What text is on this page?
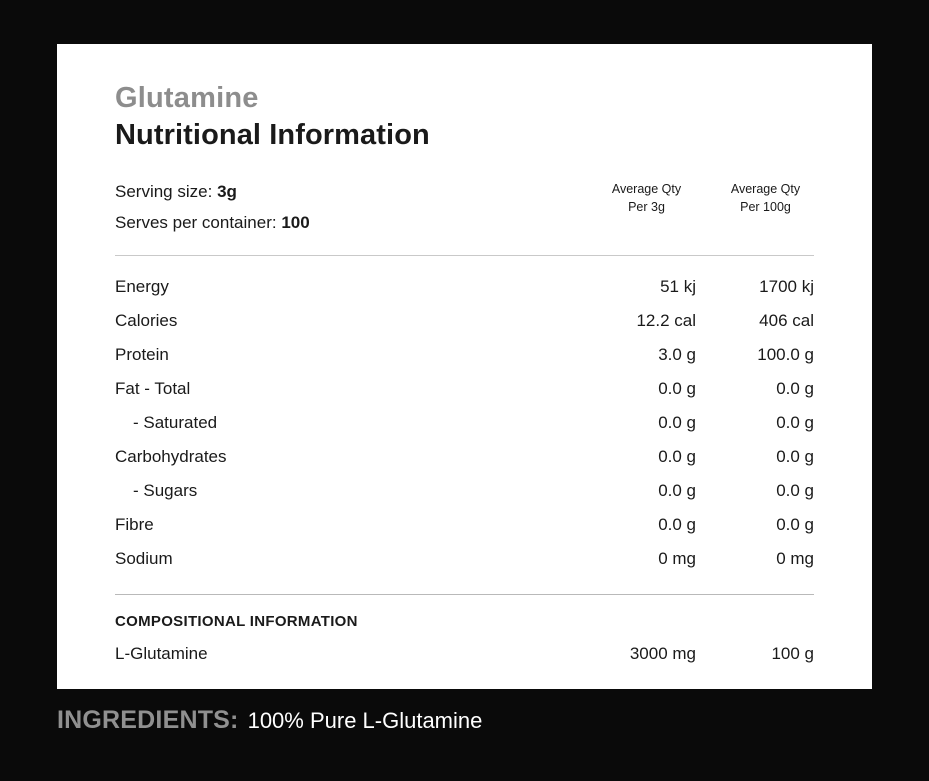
Glutamine
Nutritional Information
Serving size: 3g
Serves per container: 100
Average Qty
Per 3g
Average Qty
Per 100g
Energy	51 kj	1700 kj
Calories	12.2 cal	406 cal
Protein	3.0 g	100.0 g
Fat - Total	0.0 g	0.0 g
- Saturated	0.0 g	0.0 g
Carbohydrates	0.0 g	0.0 g
- Sugars	0.0 g	0.0 g
Fibre	0.0 g	0.0 g
Sodium	0 mg	0 mg
COMPOSITIONAL INFORMATION
L-Glutamine	3000 mg	100 g
INGREDIENTS: 100% Pure L-Glutamine
